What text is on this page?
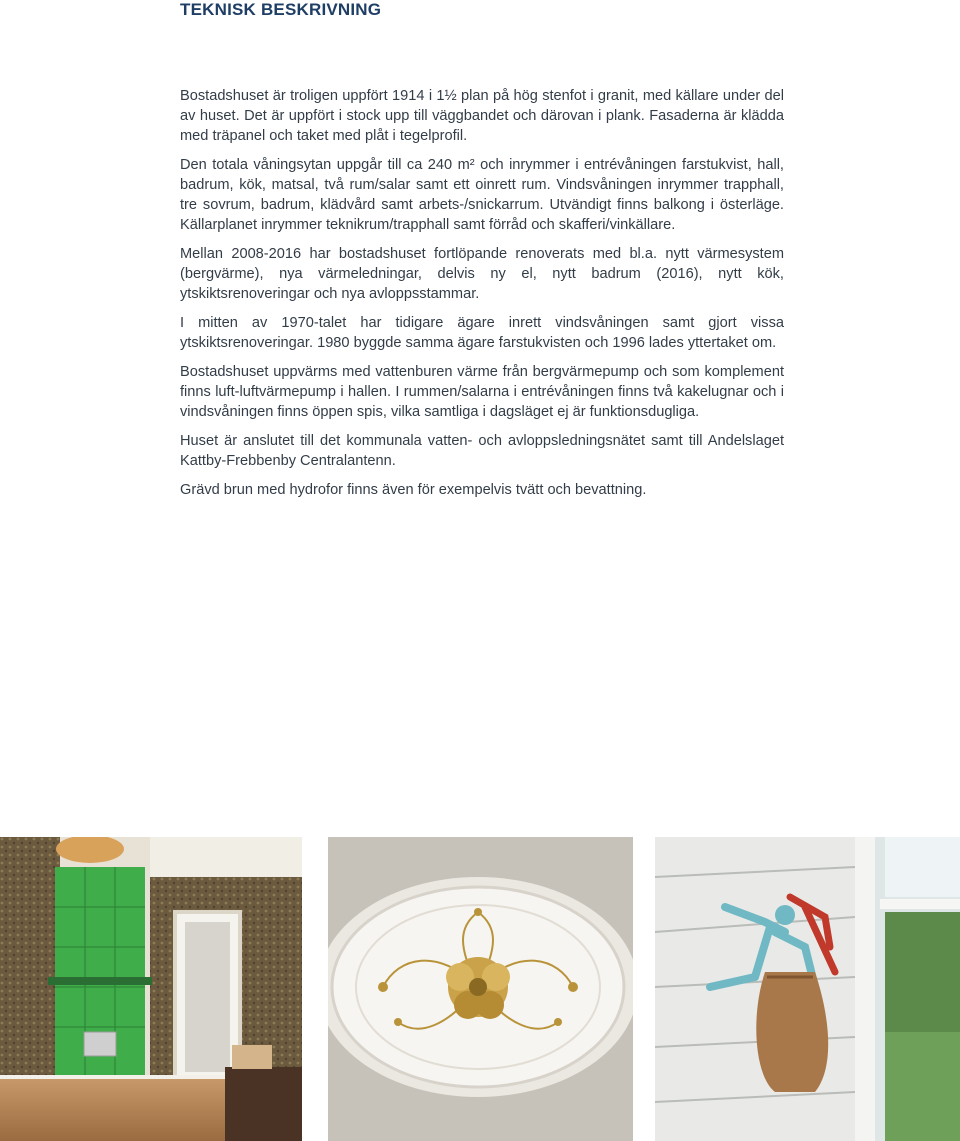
TEKNISK BESKRIVNING

Bostadshuset är troligen uppfört 1914 i 1½ plan på hög stenfot i granit, med källare under del av huset. Det är uppfört i stock upp till väggbandet och därovan i plank. Fasaderna är klädda med träpanel och taket med plåt i tegelprofil.

Den totala våningsytan uppgår till ca 240 m² och inrymmer i entrévåningen farstukvist, hall, badrum, kök, matsal, två rum/salar samt ett oinrett rum. Vindsvåningen inrymmer trapphall, tre sovrum, badrum, klädvård samt arbets-/snickarrum. Utvändigt finns balkong i österläge. Källarplanet inrymmer teknikrum/trapphall samt förråd och skafferi/vinkällare.

Mellan 2008-2016 har bostadshuset fortlöpande renoverats med bl.a. nytt värmesystem (bergvärme), nya värmeledningar, delvis ny el, nytt badrum (2016), nytt kök, ytskiktsrenoveringar och nya avloppsstammar.

I mitten av 1970-talet har tidigare ägare inrett vindsvåningen samt gjort vissa ytskiktsrenoveringar. 1980 byggde samma ägare farstukvisten och 1996 lades yttertaket om.

Bostadshuset uppvärms med vattenburen värme från bergvärmepump och som komplement finns luft-luftvärmepump i hallen. I rummen/salarna i entrévåningen finns två kakelugnar och i vindsvåningen finns öppen spis, vilka samtliga i dagsläget ej är funktionsdugliga.

Huset är anslutet till det kommunala vatten- och avloppsledningsnätet samt till Andelslaget Kattby-Frebbenby Centralantenn.

Grävd brun med hydrofor finns även för exempelvis tvätt och bevattning.
